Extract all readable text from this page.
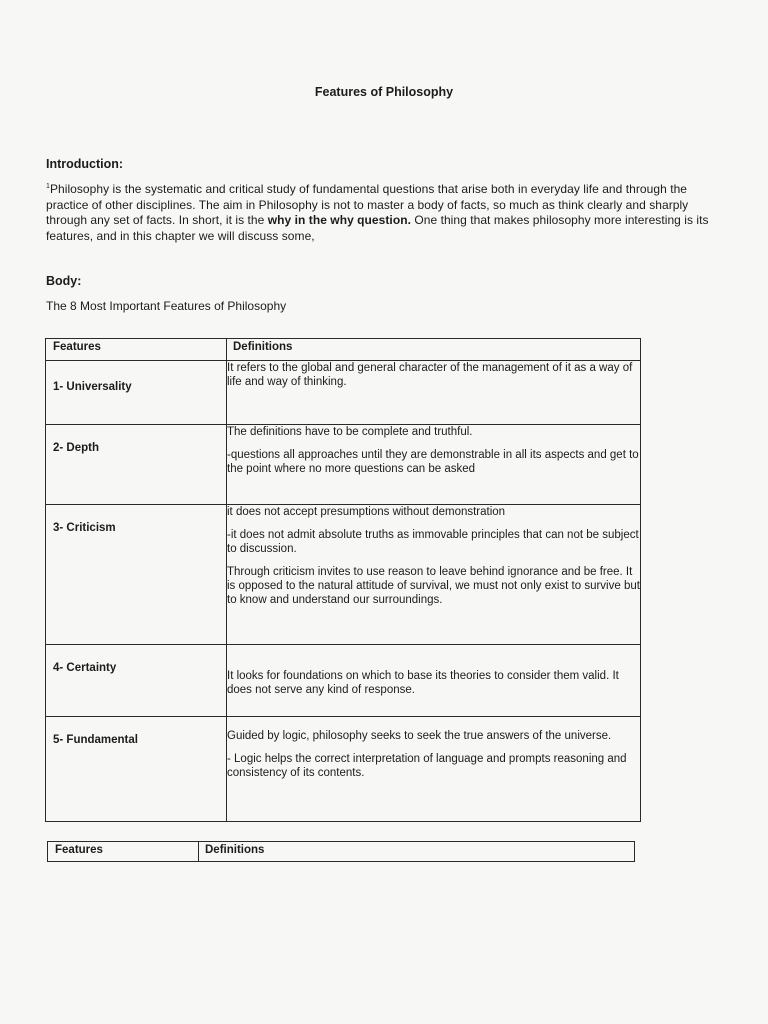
Features of Philosophy
Introduction:
$^1$Philosophy is the systematic and critical study of fundamental questions that arise both in everyday life and through the practice of other disciplines. The aim in Philosophy is not to master a body of facts, so much as think clearly and sharply through any set of facts. In short, it is the why in the why question. One thing that makes philosophy more interesting is its features, and in this chapter we will discuss some,
Body:
The 8 Most Important Features of Philosophy
Features	Definitions

1- Universality	It refers to the global and general character of the management of it as a way of life and way of thinking.

2- Depth	The definitions have to be complete and truthful.

-questions all approaches until they are demonstrable in all its aspects and get to the point where no more questions can be asked

3- Criticism	it does not accept presumptions without demonstration

-it does not admit absolute truths as immovable principles that can not be subject to discussion.

Through criticism invites to use reason to leave behind ignorance and be free. It is opposed to the natural attitude of survival, we must not only exist to survive but to know and understand our surroundings.

4- Certainty	It looks for foundations on which to base its theories to consider them valid. It does not serve any kind of response.

5- Fundamental	Guided by logic, philosophy seeks to seek the true answers of the universe.

- Logic helps the correct interpretation of language and prompts reasoning and consistency of its contents.

Features	Definitions
